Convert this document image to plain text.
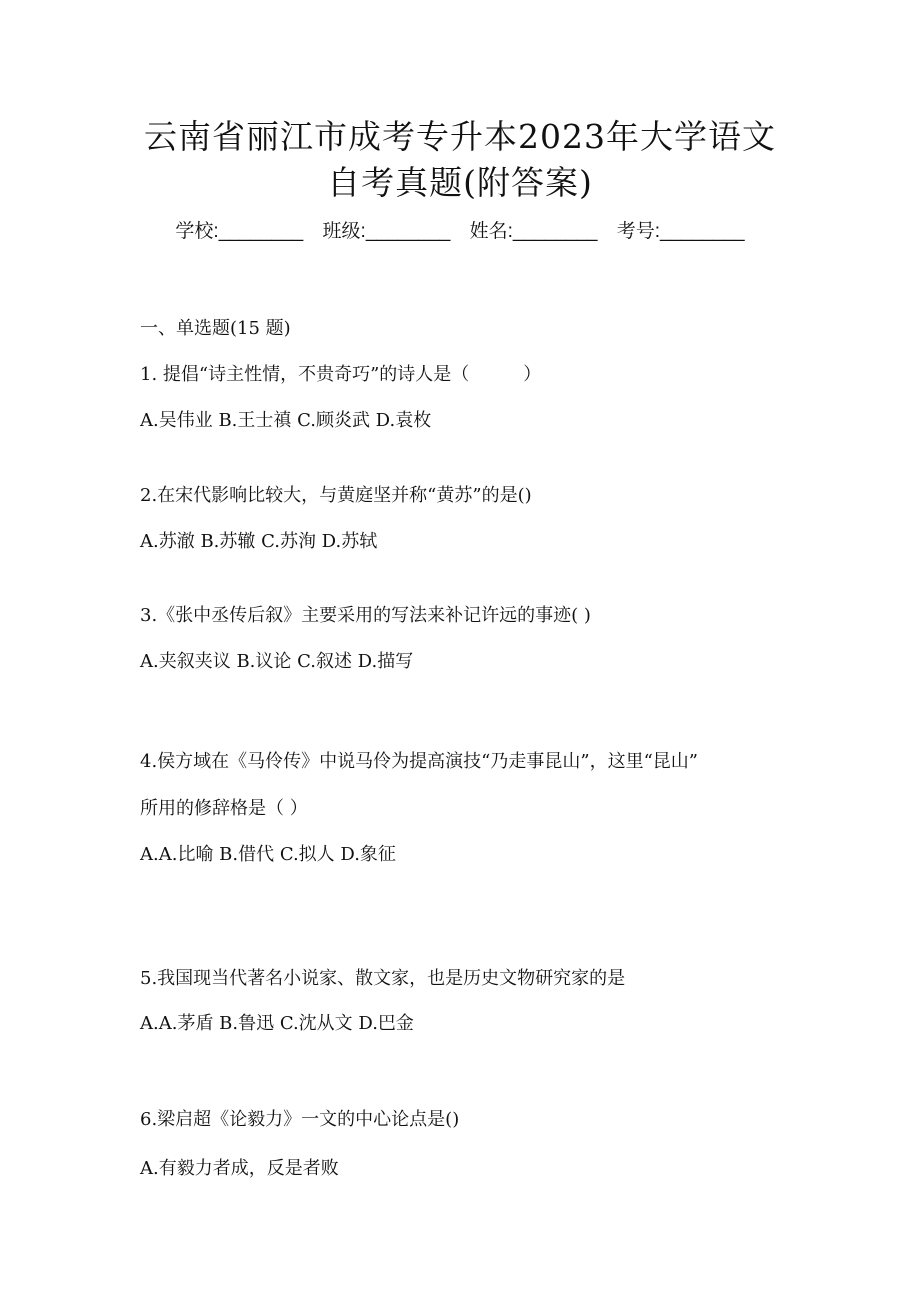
云南省丽江市成考专升本2023年大学语文
自考真题(附答案)
学校:________ 班级:________ 姓名:________ 考号:________
一、单选题(15 题)
1. 提倡“诗主性情，不贵奇巧”的诗人是（　　　）
A.吴伟业 B.王士禛 C.顾炎武 D.袁枚
2.在宋代影响比较大，与黄庭坚并称“黄苏”的是()
A.苏澈 B.苏辙 C.苏洵 D.苏轼
3.《张中丞传后叙》主要采用的写法来补记许远的事迹( )
A.夹叙夹议 B.议论 C.叙述 D.描写
4.侯方域在《马伶传》中说马伶为提高演技“乃走事昆山”，这里“昆山”
所用的修辞格是（ ）
A.A.比喻 B.借代 C.拟人 D.象征
5.我国现当代著名小说家、散文家，也是历史文物研究家的是
A.A.茅盾 B.鲁迅 C.沈从文 D.巴金
6.梁启超《论毅力》一文的中心论点是()
A.有毅力者成，反是者败
